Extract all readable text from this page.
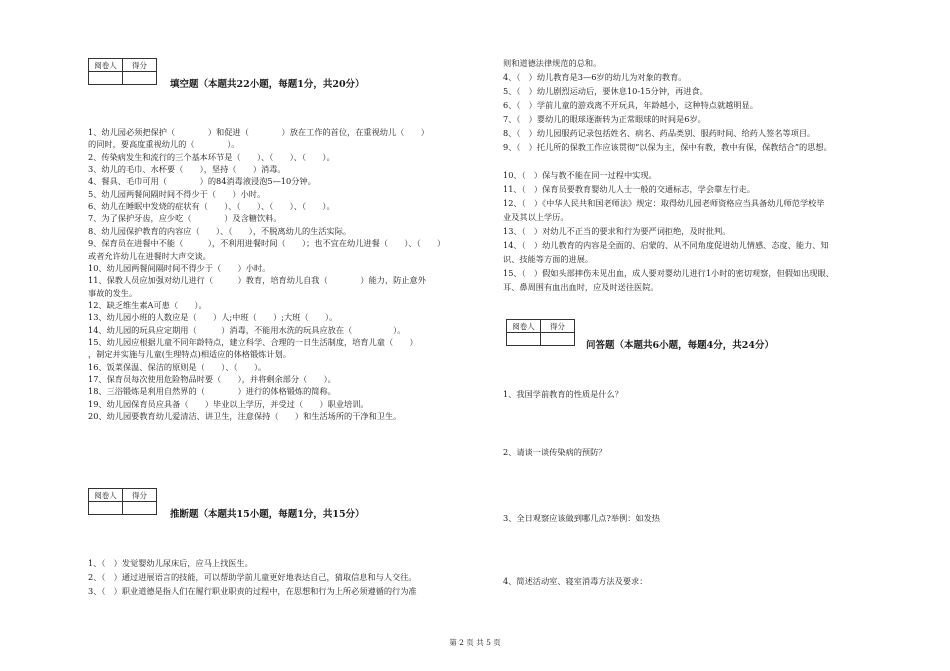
阅卷人	得分

填空题（本题共22小题，每题1分，共20分）
1、幼儿园必须把保护（　　　　）和促进（　　　　）放在工作的首位，在重视幼儿（　　）
的同时，要高度重视幼儿的（　　　　）。
2、传染病发生和流行的三个基本环节是（　　）、（　　）、（　　）。
3、幼儿的毛巾、水杯要（　　），坚持（　　）消毒。
4、餐具、毛巾可用（　　　　）的84消毒液浸泡5—10分钟。
5、幼儿园两餐间隔时间不得少于（　　）小时。
6、幼儿在睡眠中发烧的症状有（　　）、（　　）、（　　）、（　　）。
7、为了保护牙齿，应少吃（　　　　）及含糖饮料。
8、幼儿园保护教育的内容应（　　）、（　　），不脱离幼儿的生活实际。
9、保育员在进餐中不能（　　　），不利用进餐时间（　　）；也不宜在幼儿进餐（　　）、（　　）
或者允许幼儿在进餐时大声交谈。
10、幼儿园两餐间隔时间不得少于（　　）小时。
11、保教人员应加强对幼儿进行（　　　）教育，培育幼儿自我（　　　　）能力，防止意外
事故的发生。
12、缺乏维生素A可患（　　）。
13、幼儿园小班的人数应是（　　）人;中班（　　）;大班（　　）。
14、幼儿园的玩具应定期用（　　　）消毒，不能用水洗的玩具应放在（　　　　　）。
15、幼儿园应根据儿童不同年龄特点，建立科学、合理的一日生活制度，培育儿童（　　）
，制定并实施与儿童(生理特点)相适应的体格锻炼计划。
16、饭菜保温、保洁的原则是（　　）、（　　）。
17、保育员每次使用危险物品时要（　　），并将剩余部分（　　）。
18、三浴锻炼是利用自然界的（　　　　）进行的体格锻炼的简称。
19、幼儿园保育员应具备（　　）毕业以上学历，并受过（　　）职业培训。
20、幼儿园要教育幼儿爱清洁、讲卫生，注意保持（　　）和生活场所的干净和卫生。
阅卷人	得分

推断题（本题共15小题，每题1分，共15分）
1、（　）发觉婴幼儿尿床后，应马上找医生。
2、（　）通过进展语言的技能，可以帮助学前儿童更好地表达自己，猜取信息和与人交往。
3、（　）职业道德是指人们在履行职业职责的过程中，在思想和行为上所必须遵循的行为准
则和道德法律规范的总和。
4、（　）幼儿教育是3—6岁的幼儿为对象的教育。
5、（　）幼儿剧烈运动后，要休息10-15分钟，再进食。
6、（　）学前儿童的游戏离不开玩具，年龄越小，这种特点就越明显。
7、（　）婴幼儿的眼球逐渐转为正常眼球的时间是6岁。
8、（　）幼儿园服药记录包括姓名、病名、药品类别、服药时间、给药人签名等项目。
9、（　）托儿所的保教工作应该贯彻“以保为主，保中有教，教中有保，保教结合”的思想。
10、（　）保与教不能在同一过程中实现。
11、（　）保育员要教育婴幼儿人士一般的交通标志，学会靠左行走。
12、（　）《中华人民共和国老师法》规定：取得幼儿园老师资格应当具备幼儿师范学校毕
业及其以上学历。
13、（　）对幼儿不正当的要求和行为要严词拒绝，及时批判。
14、（　）幼儿教育的内容是全面的、启蒙的、从不同角度促进幼儿情感、态度、能力、知
识、技能等方面的进展。
15、（　）假如头部摔伤未见出血，成人要对婴幼儿进行1小时的密切观察，但假如出现眼、
耳、鼻周围有血出血时，应及时送往医院。
阅卷人	得分

问答题（本题共6小题，每题4分，共24分）
1、我国学前教育的性质是什么？
2、请谈一谈传染病的预防？
3、全日观察应该做到哪几点?举例：如发热
4、简述活动室、寝室消毒方法及要求：
第 2 页 共 5 页
